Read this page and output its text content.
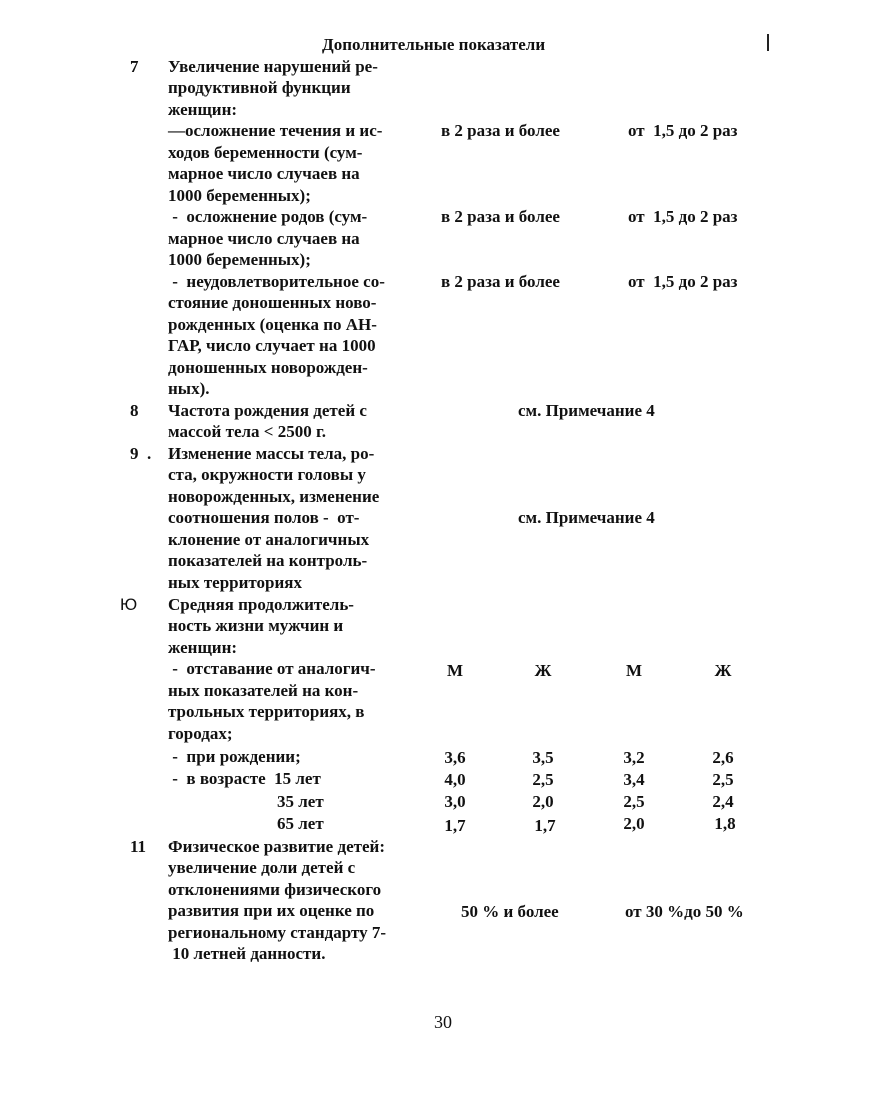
Дополнительные показатели
7 Увеличение нарушений ре-
продуктивной функции
женщин:
—осложнение течения и ис-
ходов беременности (сум-
марное число случаев на
1000 беременных);
в 2 раза и более	от  1,5 до 2 раз
-  осложнение родов (сум-
марное число случаев на
1000 беременных);
в 2 раза и более	от  1,5 до 2 раз
-  неудовлетворительное со-
стояние доношенных ново-
рожденных (оценка по АН-
ГАР, число случает на 1000
доношенных новорожден-
ных).
в 2 раза и более	от  1,5 до 2 раз
8 Частота рождения детей с
массой тела < 2500 г.
см. Примечание 4
9  . Изменение массы тела, ро-
ста, окружности головы у
новорожденных, изменение
соотношения полов -  от-
клонение от аналогичных
показателей на контроль-
ных территориях
см. Примечание 4
Ю Средняя продолжитель-
ность жизни мужчин и
женщин:
-  отставание от аналогич-
ных показателей на кон-
трольных территориях, в
городах;
М	Ж	М	Ж
-  при рождении;	3,6	3,5	3,2	2,6
-  в возрасте  15 лет	4,0	2,5	3,4	2,5
35 лет	3,0	2,0	2,5	2,4
65 лет	1,7	1,7	2,0	1,8
11 Физическое развитие детей:
увеличение доли детей с
отклонениями физического
развития при их оценке по
региональному стандарту 7-
10 летней данности.
50 % и более	от 30 %до 50 %
30
